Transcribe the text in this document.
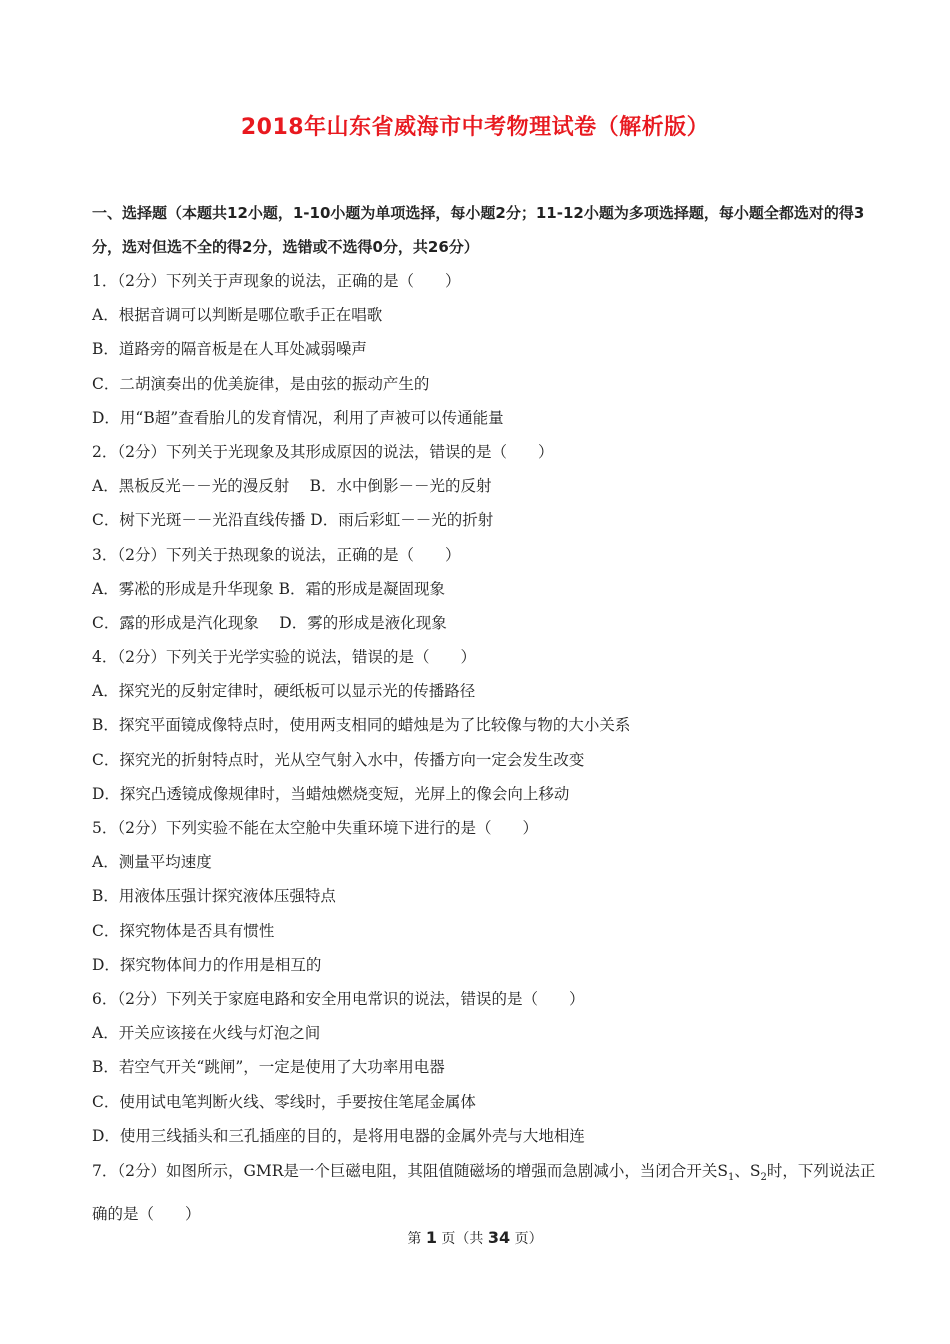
2018年山东省威海市中考物理试卷（解析版）
一、选择题（本题共12小题，1-10小题为单项选择，每小题2分；11-12小题为多项选择题，每小题全都选对的得3分，选对但选不全的得2分，选错或不选得0分，共26分）
1．（2分）下列关于声现象的说法，正确的是（　　）
A．根据音调可以判断是哪位歌手正在唱歌
B．道路旁的隔音板是在人耳处减弱噪声
C．二胡演奏出的优美旋律，是由弦的振动产生的
D．用“B超”查看胎儿的发育情况，利用了声被可以传通能量
2．（2分）下列关于光现象及其形成原因的说法，错误的是（　　）
A．黑板反光－－光的漫反射　 B．水中倒影－－光的反射
C．树下光斑－－光沿直线传播 D．雨后彩虹－－光的折射
3．（2分）下列关于热现象的说法，正确的是（　　）
A．雾凇的形成是升华现象 B．霜的形成是凝固现象
C．露的形成是汽化现象　 D．雾的形成是液化现象
4．（2分）下列关于光学实验的说法，错误的是（　　）
A．探究光的反射定律时，硬纸板可以显示光的传播路径
B．探究平面镜成像特点时，使用两支相同的蜡烛是为了比较像与物的大小关系
C．探究光的折射特点时，光从空气射入水中，传播方向一定会发生改变
D．探究凸透镜成像规律时，当蜡烛燃烧变短，光屏上的像会向上移动
5．（2分）下列实验不能在太空舱中失重环境下进行的是（　　）
A．测量平均速度
B．用液体压强计探究液体压强特点
C．探究物体是否具有惯性
D．探究物体间力的作用是相互的
6．（2分）下列关于家庭电路和安全用电常识的说法，错误的是（　　）
A．开关应该接在火线与灯泡之间
B．若空气开关“跳闸”，一定是使用了大功率用电器
C．使用试电笔判断火线、零线时，手要按住笔尾金属体
D．使用三线插头和三孔插座的目的，是将用电器的金属外壳与大地相连
7．（2分）如图所示，GMR是一个巨磁电阻，其阻值随磁场的增强而急剧减小，当闭合开关$S_1$、$S_2$时，下列说法正确的是（　　）
第 1 页（共 34 页）
